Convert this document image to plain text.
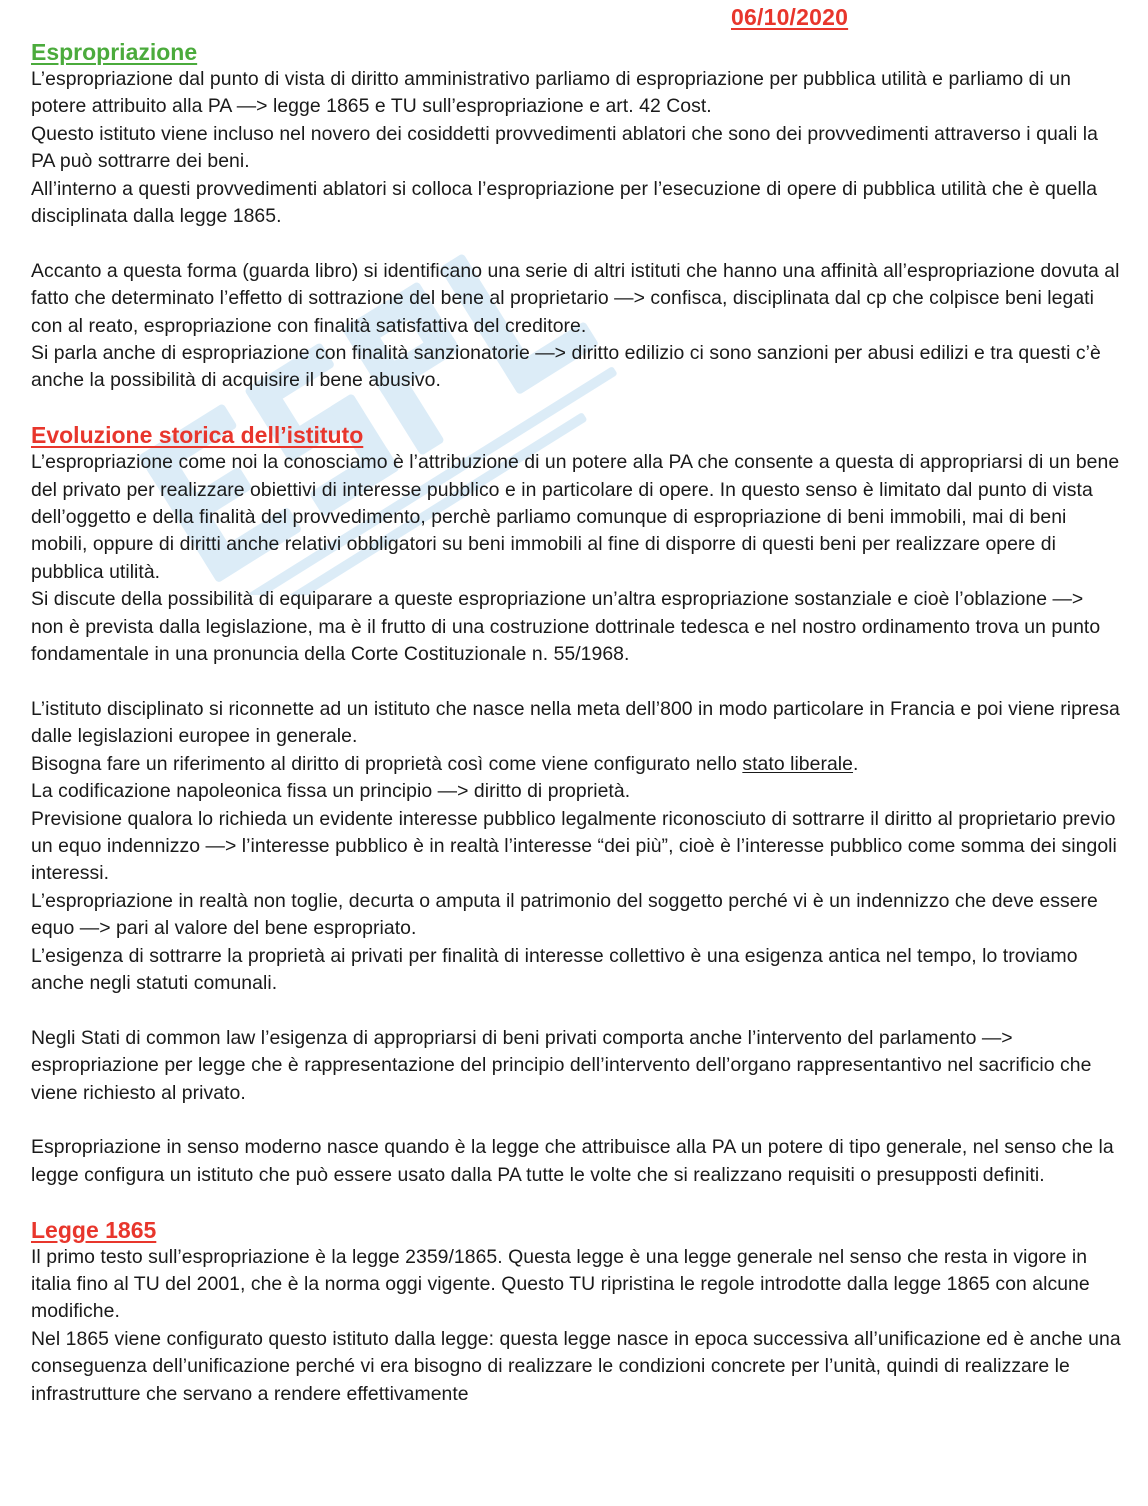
06/10/2020
Espropriazione

L’espropriazione dal punto di vista di diritto amministrativo parliamo di espropriazione per pubblica utilità e parliamo di un potere attribuito alla PA —> legge 1865 e TU sull’espropriazione e art. 42 Cost.

Questo istituto viene incluso nel novero dei cosiddetti provvedimenti ablatori che sono dei provvedimenti attraverso i quali la PA può sottrarre dei beni.

All’interno a questi provvedimenti ablatori si colloca l’espropriazione per l’esecuzione di opere di pubblica utilità che è quella disciplinata dalla legge 1865.

Accanto a questa forma (guarda libro) si identificano una serie di altri istituti che hanno una affinità all’espropriazione dovuta al fatto che determinato l’effetto di sottrazione del bene al proprietario —> confisca, disciplinata dal cp che colpisce beni legati con al reato, espropriazione con finalità satisfattiva del creditore.

Si parla anche di espropriazione con finalità sanzionatorie —> diritto edilizio ci sono sanzioni per abusi edilizi e tra questi c’è anche la possibilità di acquisire il bene abusivo.

Evoluzione storica dell’istituto

L’espropriazione come noi la conosciamo è l’attribuzione di un potere alla PA che consente a questa di appropriarsi di un bene del privato per realizzare obiettivi di interesse pubblico e in particolare di opere. In questo senso è limitato dal punto di vista dell’oggetto e della finalità del provvedimento, perchè parliamo comunque di espropriazione di beni immobili, mai di beni mobili, oppure di diritti anche relativi obbligatori su beni immobili al fine di disporre di questi beni per realizzare opere di pubblica utilità.

Si discute della possibilità di equiparare a queste espropriazione un’altra espropriazione sostanziale e cioè l’oblazione —> non è prevista dalla legislazione, ma è il frutto di una costruzione dottrinale tedesca e nel nostro ordinamento trova un punto fondamentale in una pronuncia della Corte Costituzionale n. 55/1968.

L’istituto disciplinato si riconnette ad un istituto che nasce nella meta dell’800 in modo particolare in Francia e poi viene ripresa dalle legislazioni europee in generale.

Bisogna fare un riferimento al diritto di proprietà così come viene configurato nello stato liberale.

La codificazione napoleonica fissa un principio —> diritto di proprietà.

Previsione qualora lo richieda un evidente interesse pubblico legalmente riconosciuto di sottrarre il diritto al proprietario previo un equo indennizzo —> l’interesse pubblico è in realtà l’interesse “dei più”, cioè è l’interesse pubblico come somma dei singoli interessi.

L’espropriazione in realtà non toglie, decurta o amputa il patrimonio del soggetto perché vi è un indennizzo che deve essere equo —> pari al valore del bene espropriato.

L’esigenza di sottrarre la proprietà ai privati per finalità di interesse collettivo è una esigenza antica nel tempo, lo troviamo anche negli statuti comunali.

Negli Stati di common law l’esigenza di appropriarsi di beni privati comporta anche l’intervento del parlamento —> espropriazione per legge che è rappresentazione del principio dell’intervento dell’organo rappresentantivo nel sacrificio che viene richiesto al privato.

Espropriazione in senso moderno nasce quando è la legge che attribuisce alla PA un potere di tipo generale, nel senso che la legge configura un istituto che può essere usato dalla PA tutte le volte che si realizzano requisiti o presupposti definiti.

Legge 1865

Il primo testo sull’espropriazione è la legge 2359/1865. Questa legge è una legge generale nel senso che resta in vigore in italia fino al TU del 2001, che è la norma oggi vigente. Questo TU ripristina le regole introdotte dalla legge 1865 con alcune modifiche.

Nel 1865 viene configurato questo istituto dalla legge: questa legge nasce in epoca successiva all’unificazione ed è anche una conseguenza dell’unificazione perché vi era bisogno di realizzare le condizioni concrete per l’unità, quindi di realizzare le infrastrutture che servano a rendere effettivamente
